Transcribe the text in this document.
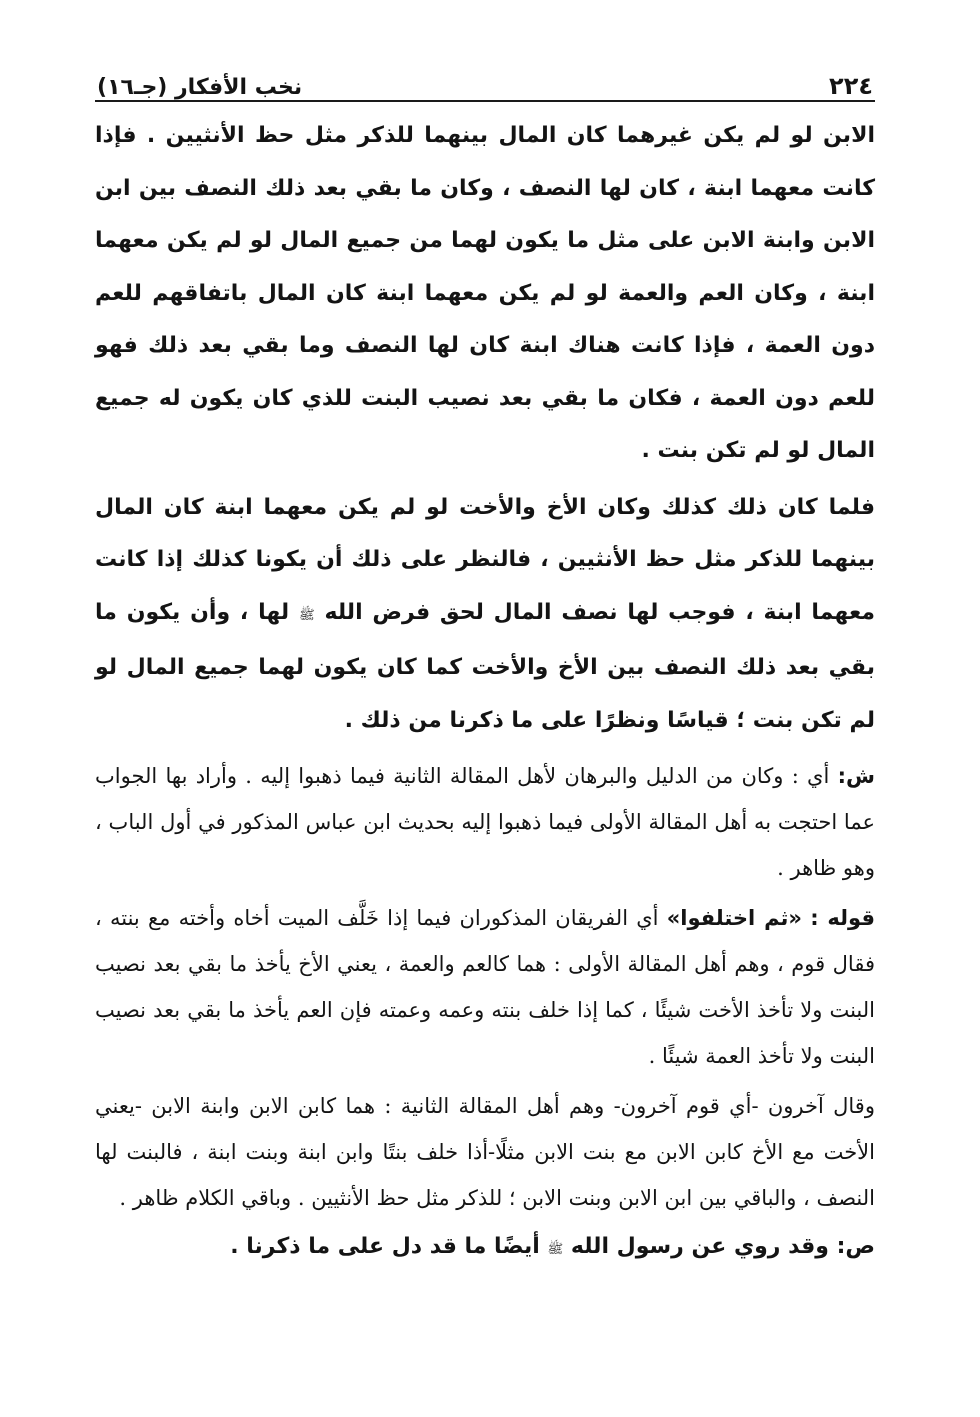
٢٢٤
نخب الأفكار (جـ١٦)

الابن لو لم يكن غيرهما كان المال بينهما للذكر مثل حظ الأنثيين . فإذا كانت معهما ابنة ، كان لها النصف ، وكان ما بقي بعد ذلك النصف بين ابن الابن وابنة الابن على مثل ما يكون لهما من جميع المال لو لم يكن معهما ابنة ، وكان العم والعمة لو لم يكن معهما ابنة كان المال باتفاقهم للعم دون العمة ، فإذا كانت هناك ابنة كان لها النصف وما بقي بعد ذلك فهو للعم دون العمة ، فكان ما بقي بعد نصيب البنت للذي كان يكون له جميع المال لو لم تكن بنت .

فلما كان ذلك كذلك وكان الأخ والأخت لو لم يكن معهما ابنة كان المال بينهما للذكر مثل حظ الأنثيين ، فالنظر على ذلك أن يكونا كذلك إذا كانت معهما ابنة ، فوجب لها نصف المال لحق فرض الله ﷺ لها ، وأن يكون ما بقي بعد ذلك النصف بين الأخ والأخت كما كان يكون لهما جميع المال لو لم تكن بنت ؛ قياسًا ونظرًا على ما ذكرنا من ذلك .

ش: أي : وكان من الدليل والبرهان لأهل المقالة الثانية فيما ذهبوا إليه . وأراد بها الجواب عما احتجت به أهل المقالة الأولى فيما ذهبوا إليه بحديث ابن عباس المذكور في أول الباب ، وهو ظاهر .

قوله : «ثم اختلفوا» أي الفريقان المذكوران فيما إذا خَلَّف الميت أخاه وأخته مع بنته ، فقال قوم ، وهم أهل المقالة الأولى : هما كالعم والعمة ، يعني الأخ يأخذ ما بقي بعد نصيب البنت ولا تأخذ الأخت شيئًا ، كما إذا خلف بنته وعمه وعمته فإن العم يأخذ ما بقي بعد نصيب البنت ولا تأخذ العمة شيئًا .

وقال آخرون -أي قوم آخرون- وهم أهل المقالة الثانية : هما كابن الابن وابنة الابن -يعني الأخت مع الأخ كابن الابن مع بنت الابن مثلًا-أذا خلف بنتًا وابن ابنة وبنت ابنة ، فالبنت لها النصف ، والباقي بين ابن الابن وبنت الابن ؛ للذكر مثل حظ الأنثيين . وباقي الكلام ظاهر .

ص: وقد روي عن رسول الله ﷺ أيضًا ما قد دل على ما ذكرنا .
